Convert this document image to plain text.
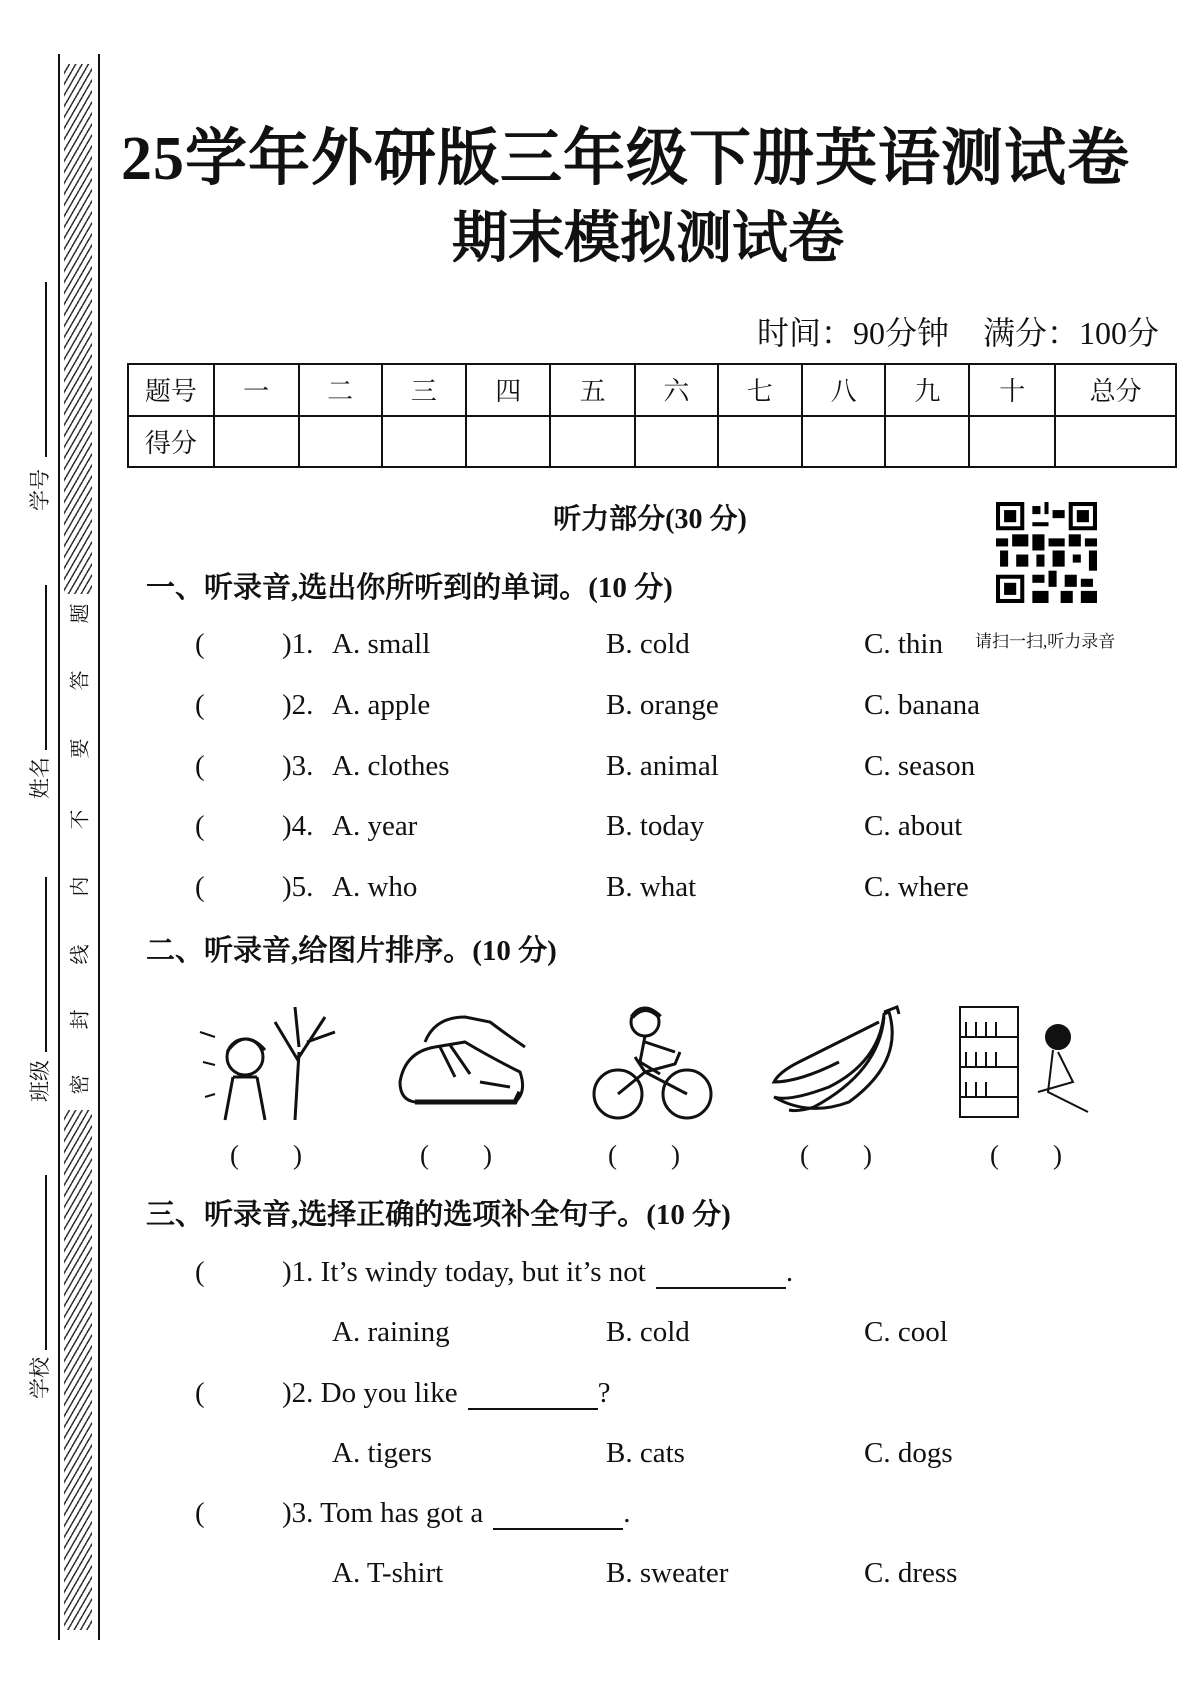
密
封
线
内
不
要
答
题
学号
姓名
班级
学校
25学年外研版三年级下册英语测试卷
期末模拟测试卷
时间：90分钟 满分：100分
题号	一	二	三	四	五	六	七	八	九	十	总分
得分											
听力部分(30 分)
请扫一扫,听力录音
一、听录音,选出你所听到的单词。(10 分)
(	)1. A. small	B. cold	C. thin
(	)2. A. apple	B. orange	C. banana
(	)3. A. clothes	B. animal	C. season
(	)4. A. year	B. today	C. about
(	)5. A. who	B. what	C. where
二、听录音,给图片排序。(10 分)
(　　)	(　　)	(　　)	(　　)	(　　)
三、听录音,选择正确的选项补全句子。(10 分)
(	)1. It’s windy today, but it’s not	.
A. raining	B. cold	C. cool
(	)2. Do you like	?
A. tigers	B. cats	C. dogs
(	)3. Tom has got a	.
A. T-shirt	B. sweater	C. dress
